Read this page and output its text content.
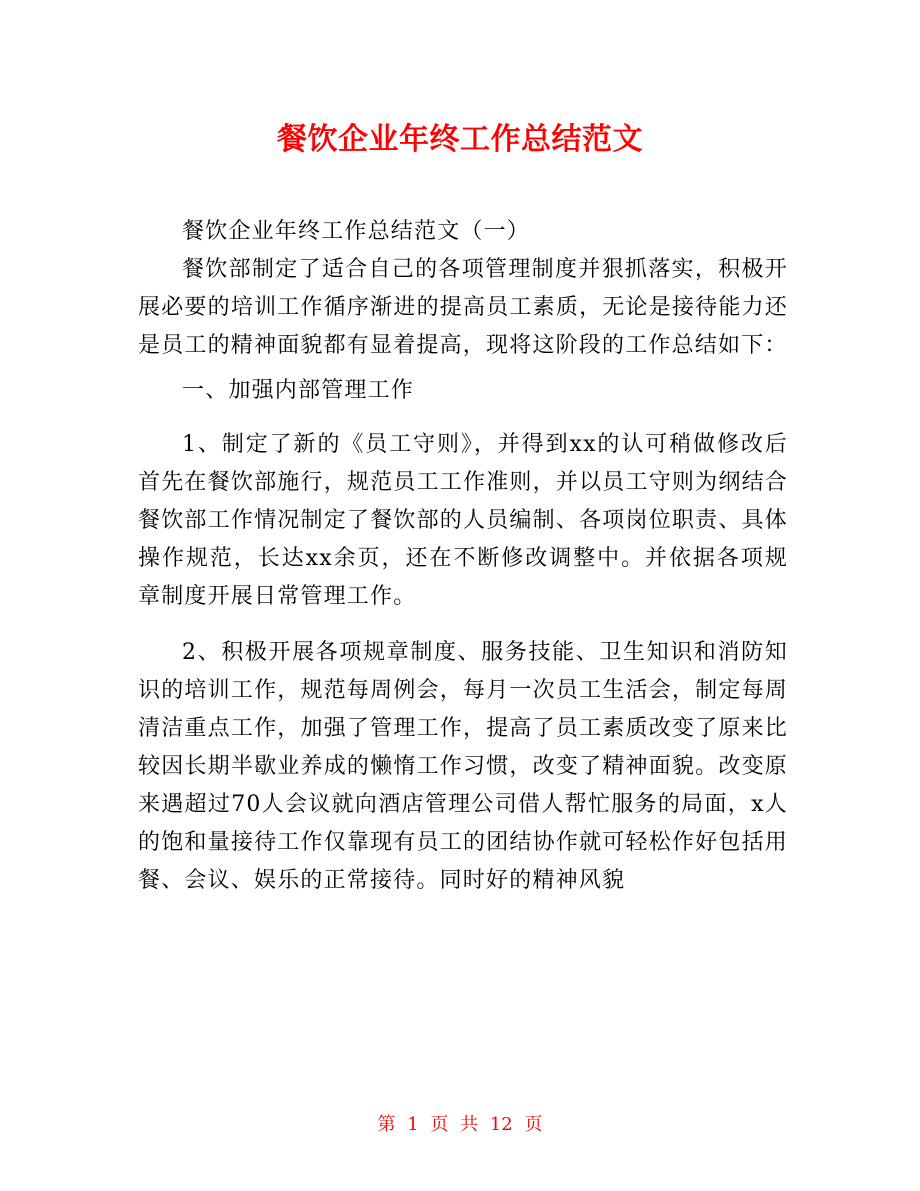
餐饮企业年终工作总结范文

餐饮企业年终工作总结范文（一）

餐饮部制定了适合自己的各项管理制度并狠抓落实，积极开展必要的培训工作循序渐进的提高员工素质，无论是接待能力还是员工的精神面貌都有显着提高，现将这阶段的工作总结如下：

一、加强内部管理工作

1、制定了新的《员工守则》，并得到xx的认可稍做修改后首先在餐饮部施行，规范员工工作准则，并以员工守则为纲结合餐饮部工作情况制定了餐饮部的人员编制、各项岗位职责、具体操作规范，长达xx余页，还在不断修改调整中。并依据各项规章制度开展日常管理工作。

2、积极开展各项规章制度、服务技能、卫生知识和消防知识的培训工作，规范每周例会，每月一次员工生活会，制定每周清洁重点工作，加强了管理工作，提高了员工素质改变了原来比较因长期半歇业养成的懒惰工作习惯，改变了精神面貌。改变原来遇超过70人会议就向酒店管理公司借人帮忙服务的局面，x人的饱和量接待工作仅靠现有员工的团结协作就可轻松作好包括用餐、会议、娱乐的正常接待。同时好的精神风貌

第 1 页 共 12 页
